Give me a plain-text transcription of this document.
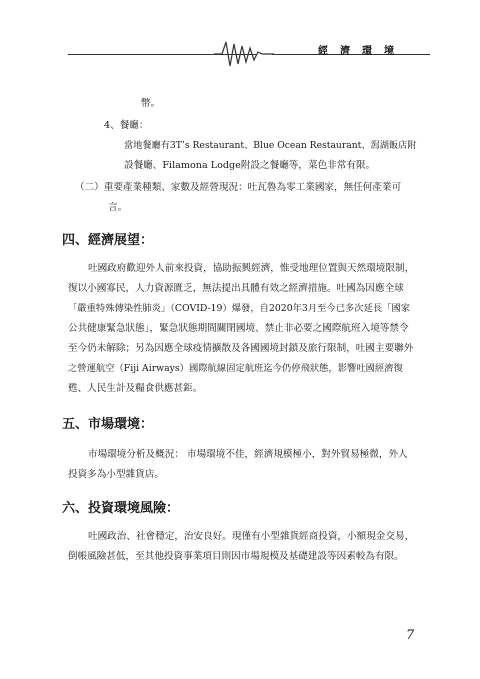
經濟環境
幣。
4、餐廳：
當地餐廳有3T’s Restaurant、Blue Ocean Restaurant、澙湖飯店附
設餐廳、Filamona Lodge附設之餐廳等，菜色非常有限。
（二）重要產業種類、家數及經營現況：吐瓦魯為零工業國家，無任何產業可
言。
四、經濟展望：
吐國政府歡迎外人前來投資，協助振興經濟，惟受地理位置與天然環境限制，
復以小國寡民，人力資源匱乏，無法提出具體有效之經濟措施。吐國為因應全球
「嚴重特殊傳染性肺炎」（COVID-19）爆發，自2020年3月至今已多次延長「國家
公共健康緊急狀態」，緊急狀態期間關閉國境、禁止非必要之國際航班入境等禁令
至今仍未解除；另為因應全球疫情擴散及各國國境封鎖及旅行限制，吐國主要聯外
之營運航空（Fiji Airways）國際航線固定航班迄今仍停飛狀態，影響吐國經濟復
甦、人民生計及糧食供應甚鉅。
五、市場環境：
市場環境分析及概況： 市場環境不佳，經濟規模極小，對外貿易極微，外人
投資多為小型雜貨店。
六、投資環境風險：
吐國政治、社會穩定，治安良好。現僅有小型雜貨經商投資，小額現金交易，
倒帳風險甚低，至其他投資事業項目則因市場規模及基礎建設等因素較為有限。
7
